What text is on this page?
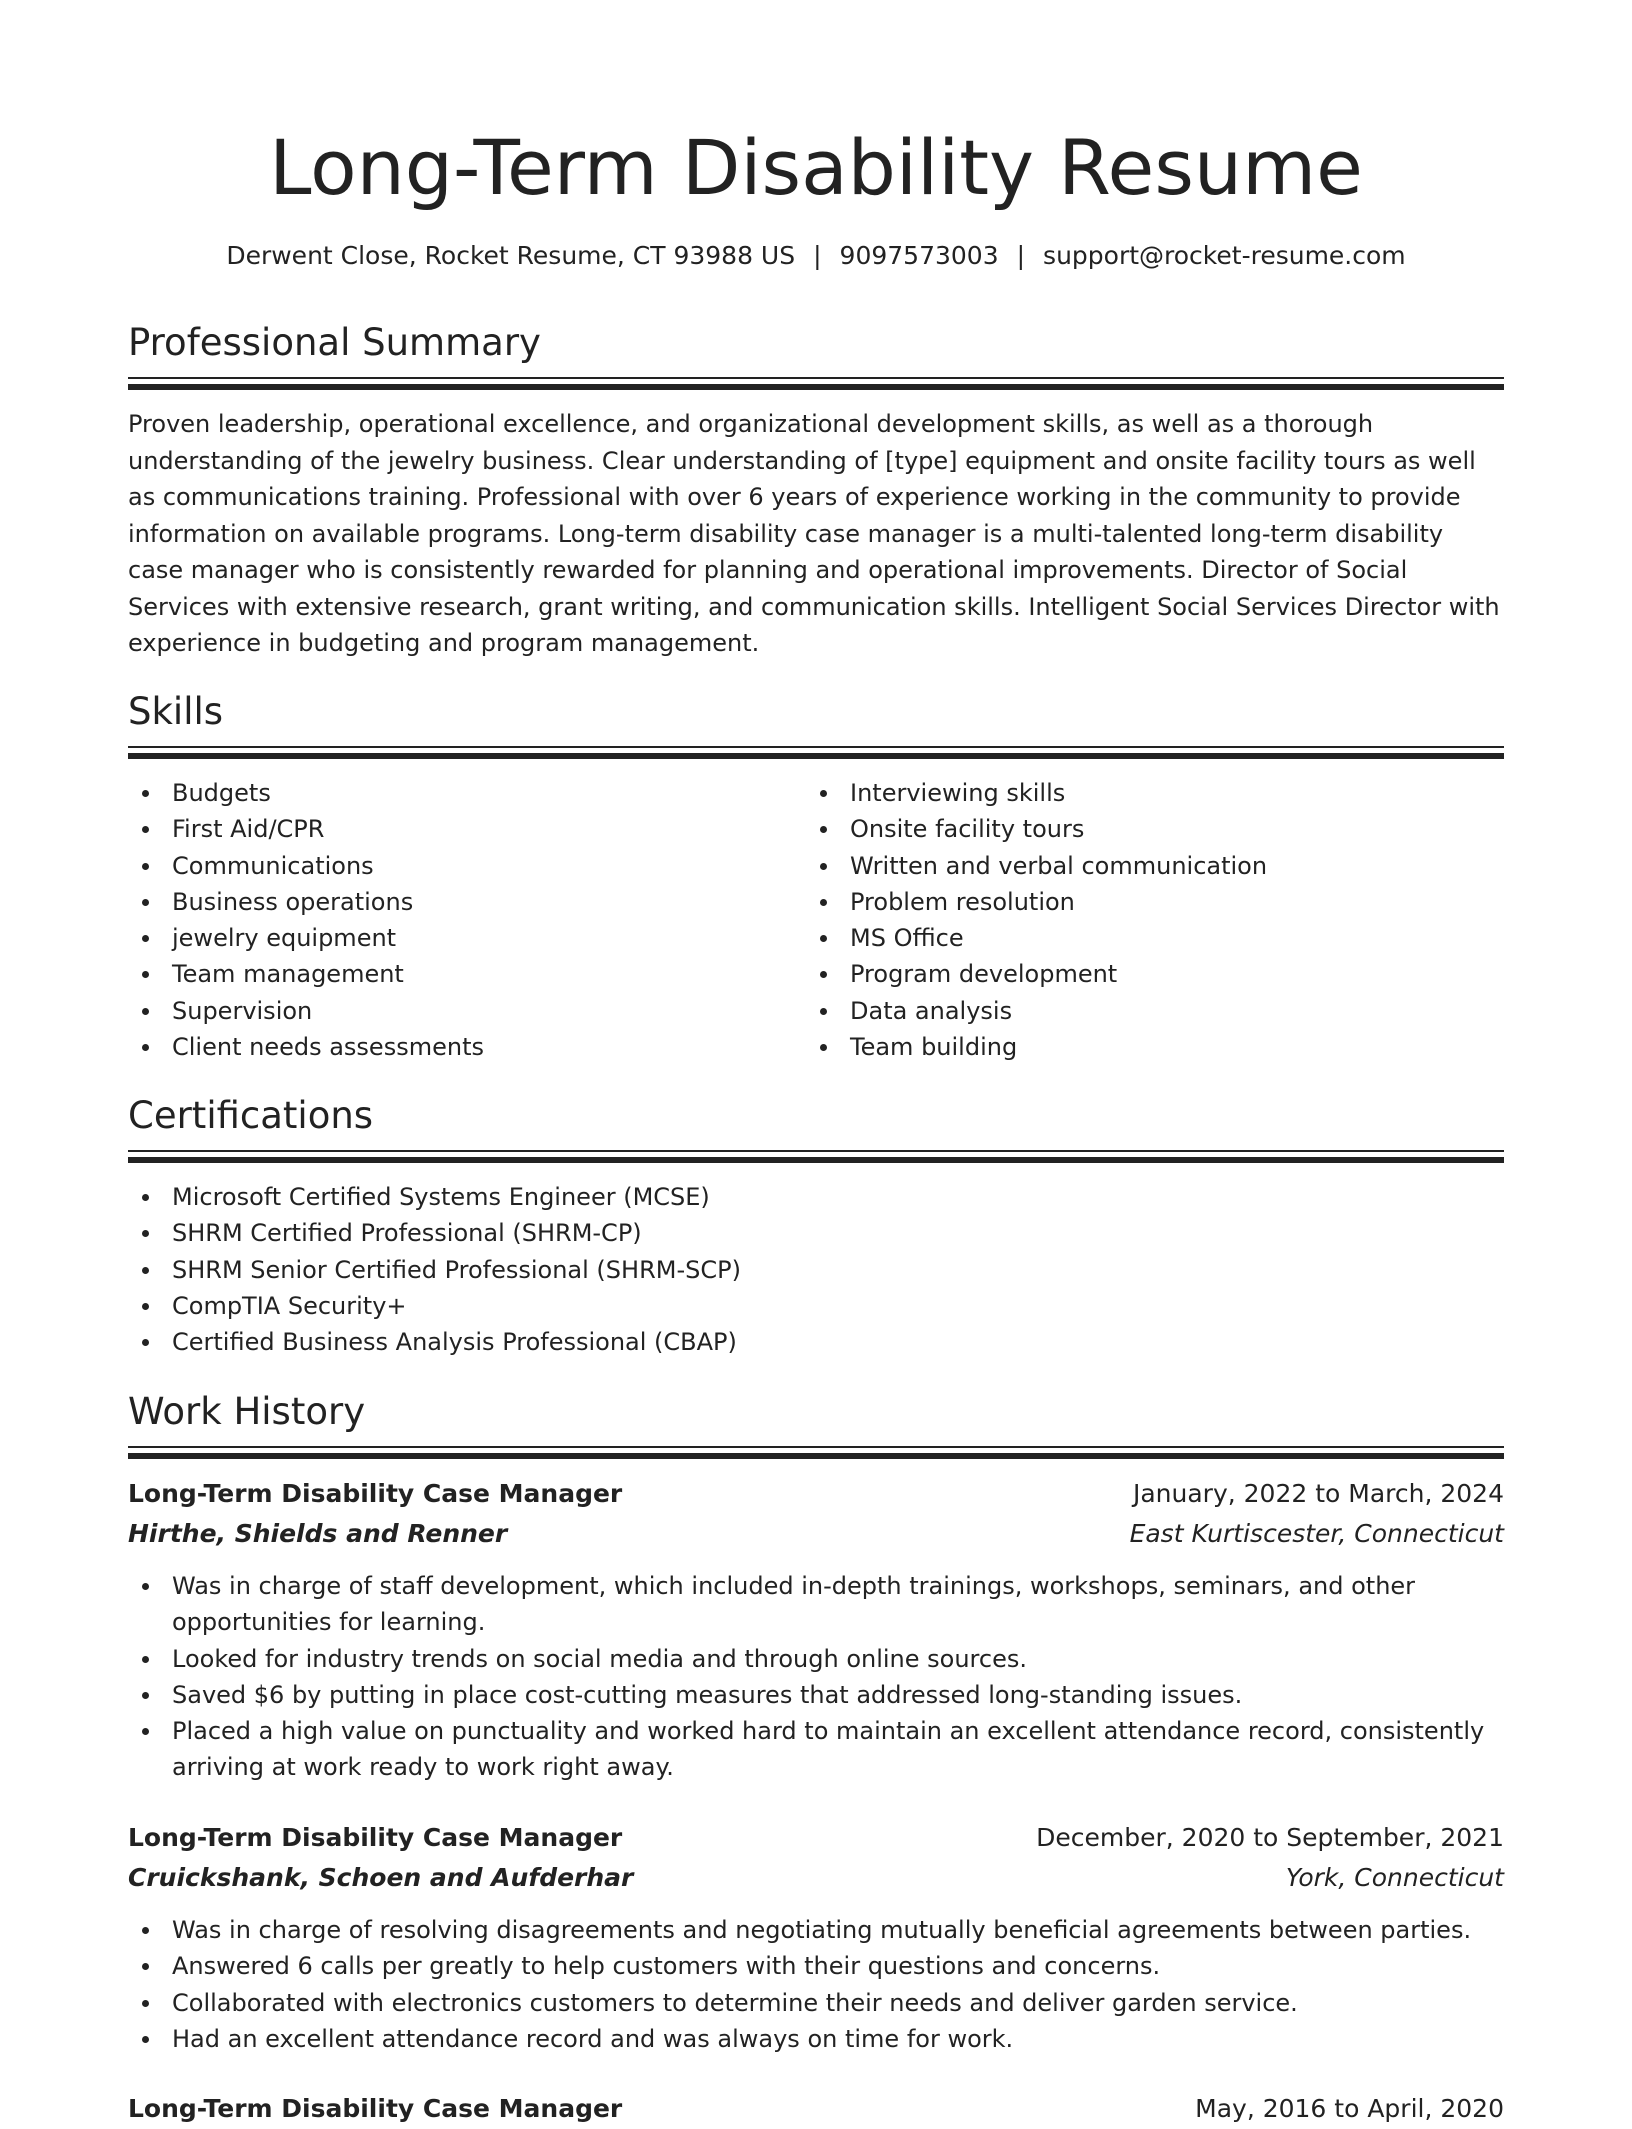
Long-Term Disability Resume
Derwent Close, Rocket Resume, CT 93988 US | 9097573003 | support@rocket-resume.com
Professional Summary

Proven leadership, operational excellence, and organizational development skills, as well as a thorough understanding of the jewelry business. Clear understanding of [type] equipment and onsite facility tours as well as communications training. Professional with over 6 years of experience working in the community to provide information on available programs. Long-term disability case manager is a multi-talented long-term disability case manager who is consistently rewarded for planning and operational improvements. Director of Social Services with extensive research, grant writing, and communication skills. Intelligent Social Services Director with experience in budgeting and program management.

Skills
Budgets
First Aid/CPR
Communications
Business operations
jewelry equipment
Team management
Supervision
Client needs assessments
Interviewing skills
Onsite facility tours
Written and verbal communication
Problem resolution
MS Office
Program development
Data analysis
Team building
Certifications
Microsoft Certified Systems Engineer (MCSE)
SHRM Certified Professional (SHRM-CP)
SHRM Senior Certified Professional (SHRM-SCP)
CompTIA Security+
Certified Business Analysis Professional (CBAP)
Work History
Long-Term Disability Case Manager	January, 2022 to March, 2024
Hirthe, Shields and Renner	East Kurtiscester, Connecticut
Was in charge of staff development, which included in-depth trainings, workshops, seminars, and other opportunities for learning.
Looked for industry trends on social media and through online sources.
Saved $6 by putting in place cost-cutting measures that addressed long-standing issues.
Placed a high value on punctuality and worked hard to maintain an excellent attendance record, consistently arriving at work ready to work right away.
Long-Term Disability Case Manager	December, 2020 to September, 2021
Cruickshank, Schoen and Aufderhar	York, Connecticut
Was in charge of resolving disagreements and negotiating mutually beneficial agreements between parties.
Answered 6 calls per greatly to help customers with their questions and concerns.
Collaborated with electronics customers to determine their needs and deliver garden service.
Had an excellent attendance record and was always on time for work.
Long-Term Disability Case Manager	May, 2016 to April, 2020
